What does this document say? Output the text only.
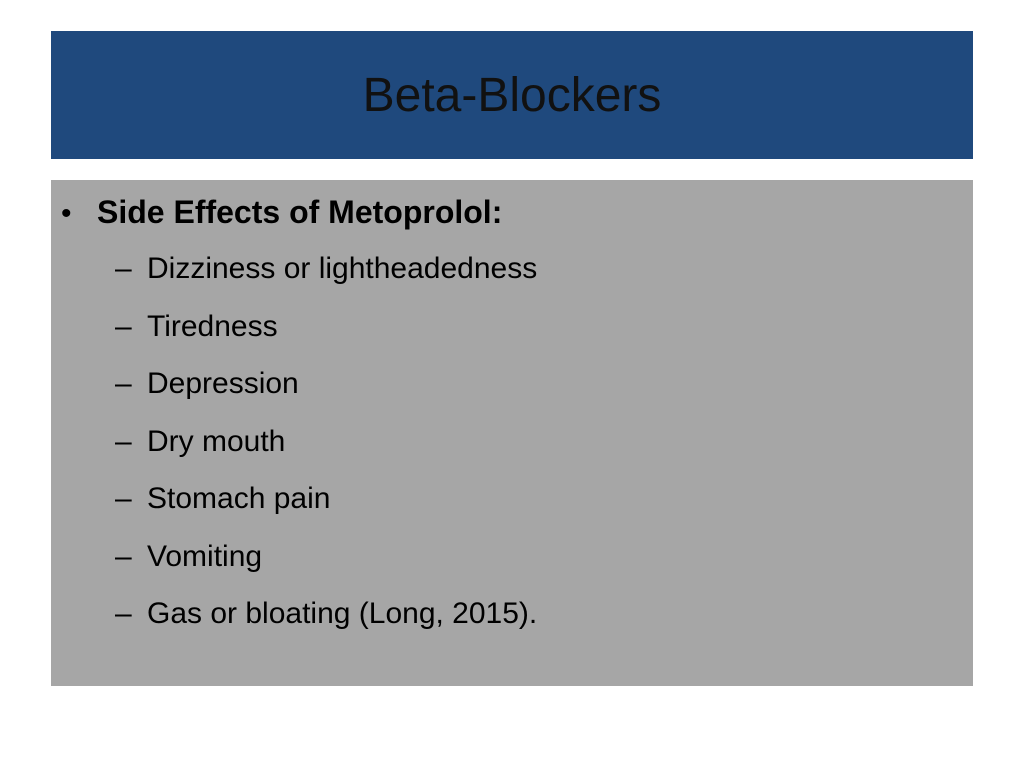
Beta-Blockers
• Side Effects of Metoprolol:
– Dizziness or lightheadedness
– Tiredness
– Depression
– Dry mouth
– Stomach pain
– Vomiting
– Gas or bloating (Long, 2015).
